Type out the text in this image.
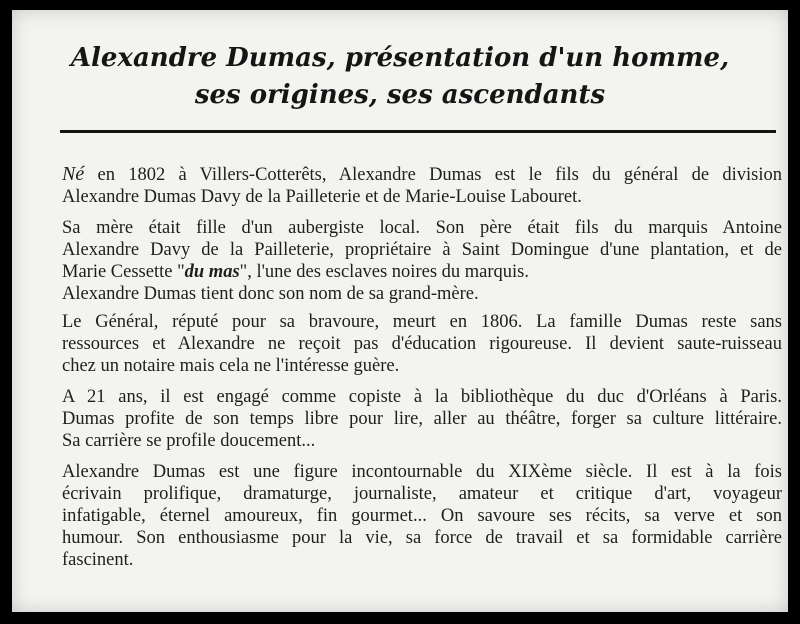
Alexandre Dumas, présentation d'un homme,
ses origines, ses ascendants

Né en 1802 à Villers-Cotterêts, Alexandre Dumas est le fils du général de division
Alexandre Dumas Davy de la Pailleterie et de Marie-Louise Labouret.

Sa mère était fille d'un aubergiste local. Son père était fils du marquis Antoine
Alexandre Davy de la Pailleterie, propriétaire à Saint Domingue d'une plantation, et de
Marie Cessette "du mas", l'une des esclaves noires du marquis.
Alexandre Dumas tient donc son nom de sa grand-mère.

Le Général, réputé pour sa bravoure, meurt en 1806. La famille Dumas reste sans
ressources et Alexandre ne reçoit pas d'éducation rigoureuse. Il devient saute-ruisseau
chez un notaire mais cela ne l'intéresse guère.

A 21 ans, il est engagé comme copiste à la bibliothèque du duc d'Orléans à Paris.
Dumas profite de son temps libre pour lire, aller au théâtre, forger sa culture littéraire.
Sa carrière se profile doucement...

Alexandre Dumas est une figure incontournable du XIXème siècle. Il est à la fois
écrivain prolifique, dramaturge, journaliste, amateur et critique d'art, voyageur
infatigable, éternel amoureux, fin gourmet... On savoure ses récits, sa verve et son
humour. Son enthousiasme pour la vie, sa force de travail et sa formidable carrière
fascinent.
